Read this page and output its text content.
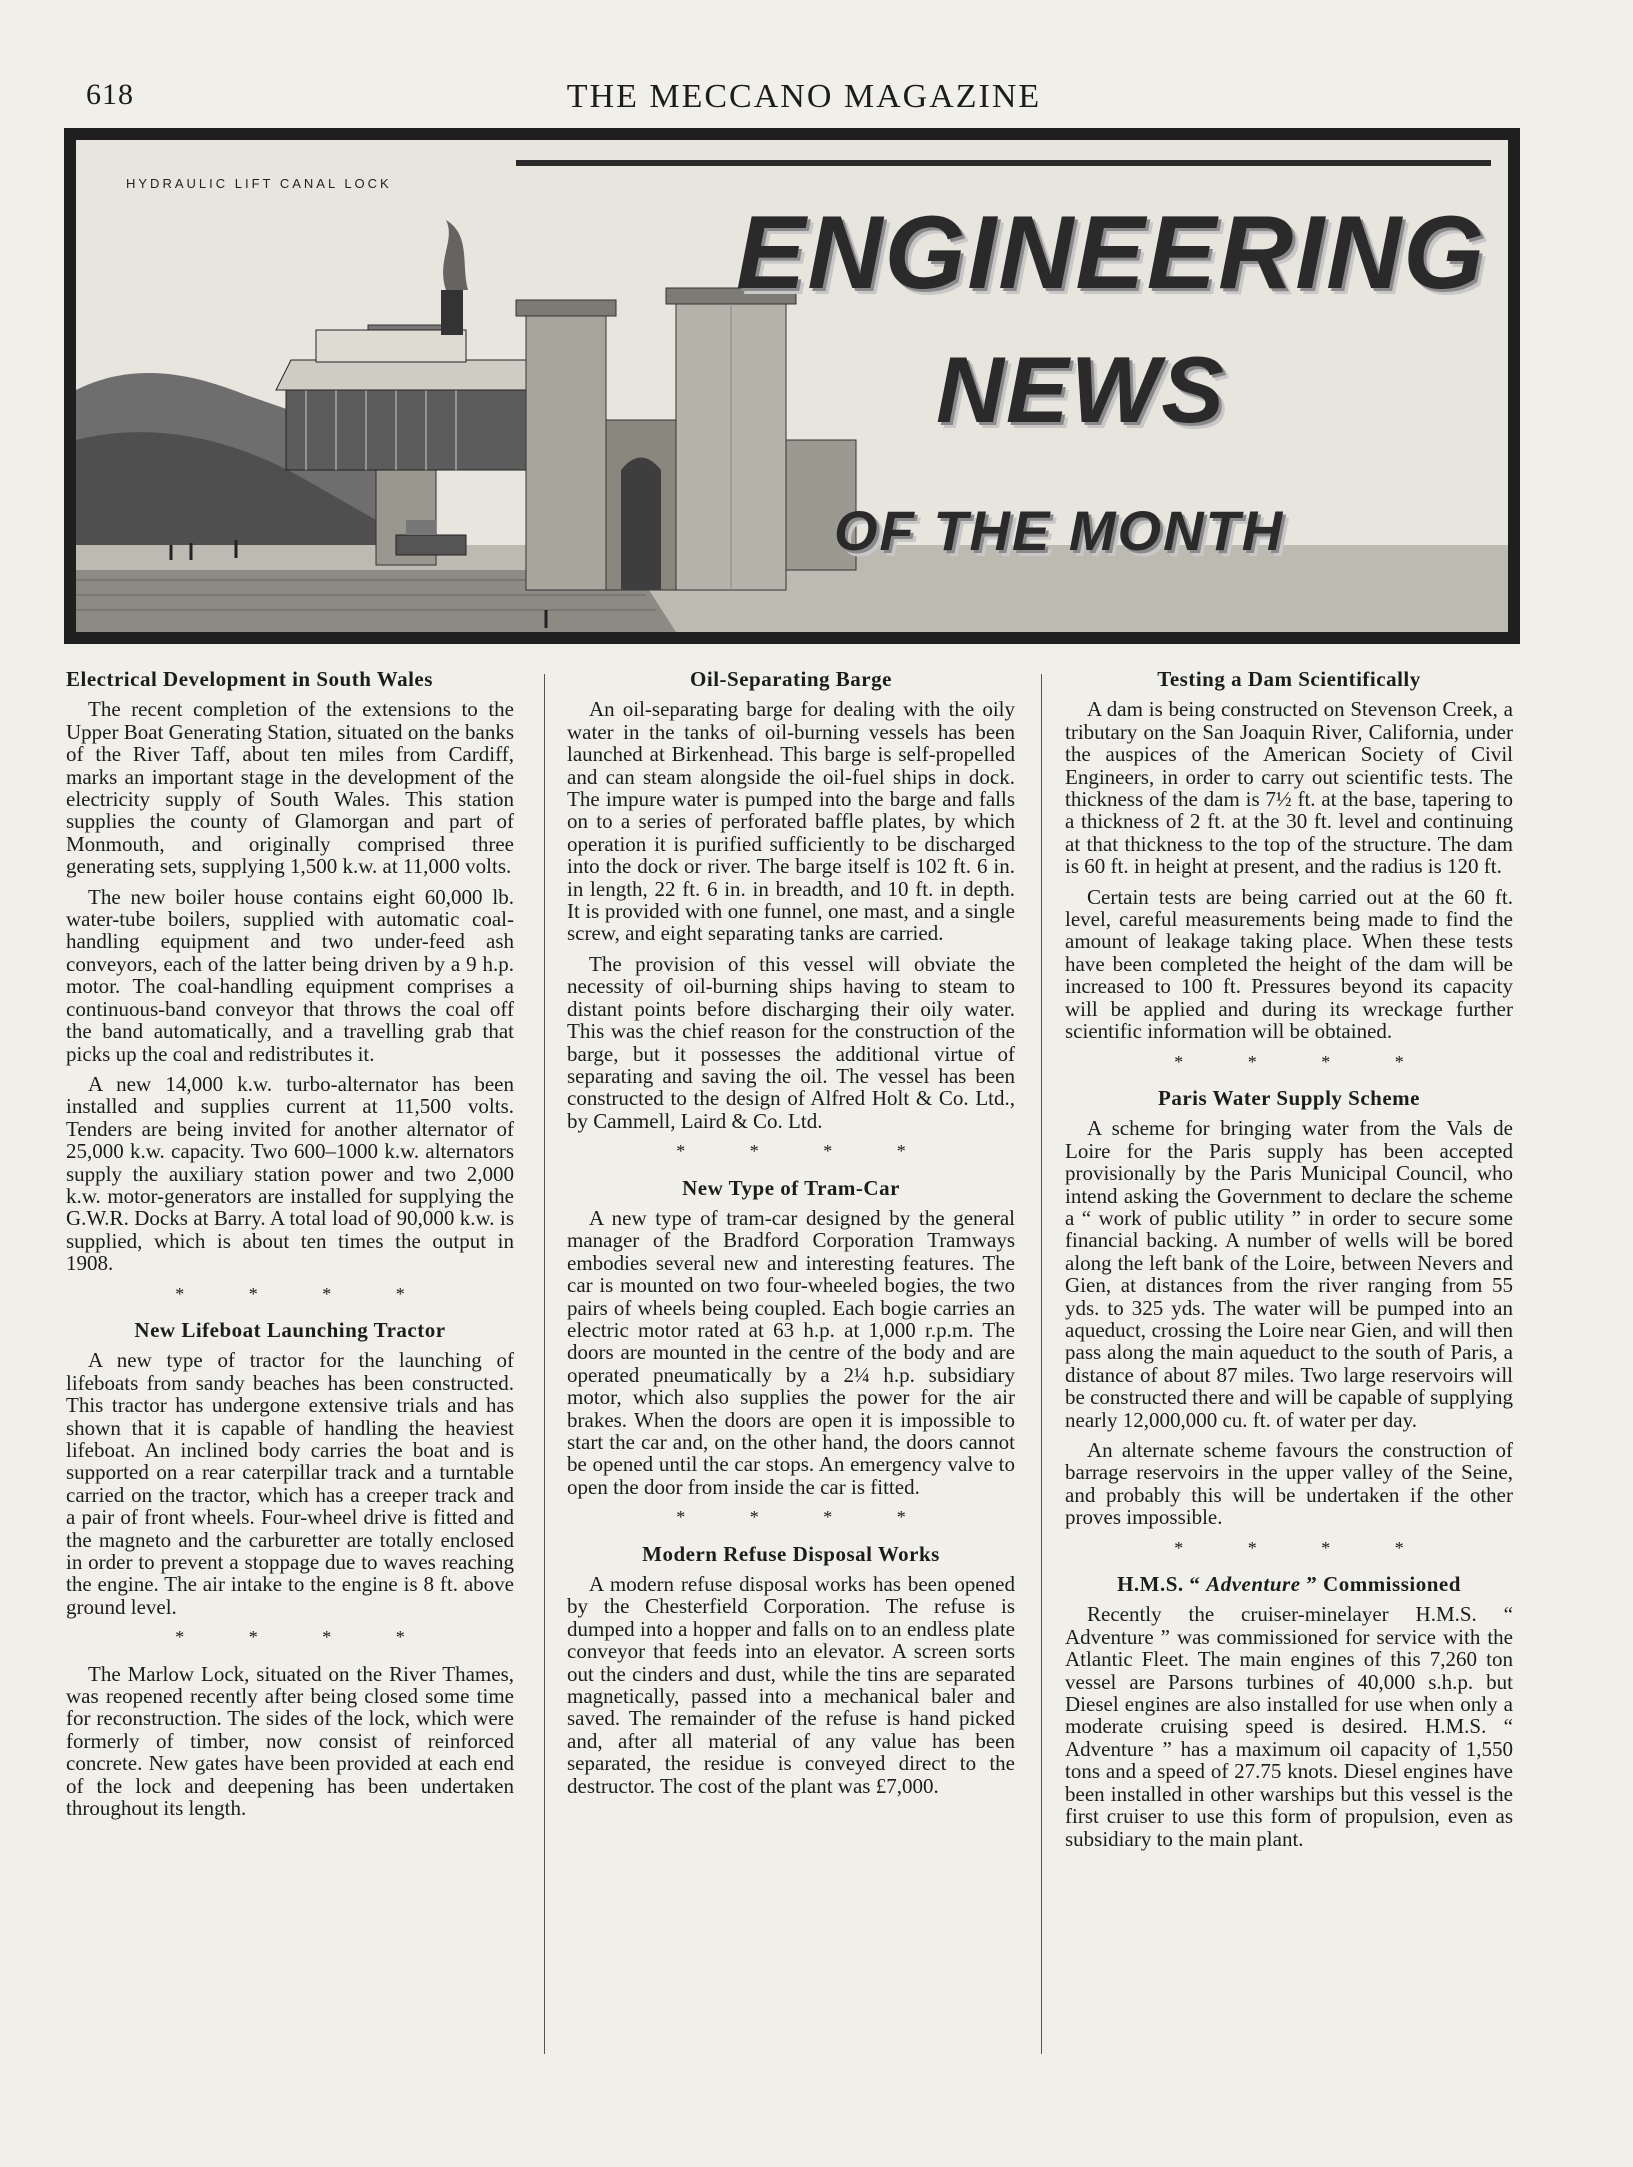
618	THE MECCANO MAGAZINE
HYDRAULIC LIFT CANAL LOCK
ENGINEERING
NEWS
OF THE MONTH
Electrical Development in South Wales

The recent completion of the extensions to the Upper Boat Generating Station, situated on the banks of the River Taff, about ten miles from Cardiff, marks an important stage in the development of the electricity supply of South Wales. This station supplies the county of Glamorgan and part of Monmouth, and originally comprised three generating sets, supplying 1,500 k.w. at 11,000 volts.

The new boiler house contains eight 60,000 lb. water-tube boilers, supplied with automatic coal-handling equipment and two under-feed ash conveyors, each of the latter being driven by a 9 h.p. motor. The coal-handling equipment comprises a continuous-band conveyor that throws the coal off the band automatically, and a travelling grab that picks up the coal and redistributes it.

A new 14,000 k.w. turbo-alternator has been installed and supplies current at 11,500 volts. Tenders are being invited for another alternator of 25,000 k.w. capacity. Two 600–1000 k.w. alternators supply the auxiliary station power and two 2,000 k.w. motor-generators are installed for supplying the G.W.R. Docks at Barry. A total load of 90,000 k.w. is supplied, which is about ten times the output in 1908.

* * * *
New Lifeboat Launching Tractor

A new type of tractor for the launching of lifeboats from sandy beaches has been constructed. This tractor has undergone extensive trials and has shown that it is capable of handling the heaviest lifeboat. An inclined body carries the boat and is supported on a rear caterpillar track and a turntable carried on the tractor, which has a creeper track and a pair of front wheels. Four-wheel drive is fitted and the magneto and the carburetter are totally enclosed in order to prevent a stoppage due to waves reaching the engine. The air intake to the engine is 8 ft. above ground level.

* * * *

The Marlow Lock, situated on the River Thames, was reopened recently after being closed some time for reconstruction. The sides of the lock, which were formerly of timber, now consist of reinforced concrete. New gates have been provided at each end of the lock and deepening has been undertaken throughout its length.

Oil-Separating Barge

An oil-separating barge for dealing with the oily water in the tanks of oil-burning vessels has been launched at Birkenhead. This barge is self-propelled and can steam alongside the oil-fuel ships in dock. The impure water is pumped into the barge and falls on to a series of perforated baffle plates, by which operation it is purified sufficiently to be discharged into the dock or river. The barge itself is 102 ft. 6 in. in length, 22 ft. 6 in. in breadth, and 10 ft. in depth. It is provided with one funnel, one mast, and a single screw, and eight separating tanks are carried.

The provision of this vessel will obviate the necessity of oil-burning ships having to steam to distant points before discharging their oily water. This was the chief reason for the construction of the barge, but it possesses the additional virtue of separating and saving the oil. The vessel has been constructed to the design of Alfred Holt & Co. Ltd., by Cammell, Laird & Co. Ltd.

* * * *
New Type of Tram-Car

A new type of tram-car designed by the general manager of the Bradford Corporation Tramways embodies several new and interesting features. The car is mounted on two four-wheeled bogies, the two pairs of wheels being coupled. Each bogie carries an electric motor rated at 63 h.p. at 1,000 r.p.m. The doors are mounted in the centre of the body and are operated pneumatically by a 2¼ h.p. subsidiary motor, which also supplies the power for the air brakes. When the doors are open it is impossible to start the car and, on the other hand, the doors cannot be opened until the car stops. An emergency valve to open the door from inside the car is fitted.

* * * *
Modern Refuse Disposal Works

A modern refuse disposal works has been opened by the Chesterfield Corporation. The refuse is dumped into a hopper and falls on to an endless plate conveyor that feeds into an elevator. A screen sorts out the cinders and dust, while the tins are separated magnetically, passed into a mechanical baler and saved. The remainder of the refuse is hand picked and, after all material of any value has been separated, the residue is conveyed direct to the destructor. The cost of the plant was £7,000.

Testing a Dam Scientifically

A dam is being constructed on Stevenson Creek, a tributary on the San Joaquin River, California, under the auspices of the American Society of Civil Engineers, in order to carry out scientific tests. The thickness of the dam is 7½ ft. at the base, tapering to a thickness of 2 ft. at the 30 ft. level and continuing at that thickness to the top of the structure. The dam is 60 ft. in height at present, and the radius is 120 ft.

Certain tests are being carried out at the 60 ft. level, careful measurements being made to find the amount of leakage taking place. When these tests have been completed the height of the dam will be increased to 100 ft. Pressures beyond its capacity will be applied and during its wreckage further scientific information will be obtained.

* * * *
Paris Water Supply Scheme

A scheme for bringing water from the Vals de Loire for the Paris supply has been accepted provisionally by the Paris Municipal Council, who intend asking the Government to declare the scheme a “ work of public utility ” in order to secure some financial backing. A number of wells will be bored along the left bank of the Loire, between Nevers and Gien, at distances from the river ranging from 55 yds. to 325 yds. The water will be pumped into an aqueduct, crossing the Loire near Gien, and will then pass along the main aqueduct to the south of Paris, a distance of about 87 miles. Two large reservoirs will be constructed there and will be capable of supplying nearly 12,000,000 cu. ft. of water per day.

An alternate scheme favours the construction of barrage reservoirs in the upper valley of the Seine, and probably this will be undertaken if the other proves impossible.

* * * *
H.M.S. “ Adventure ” Commissioned

Recently the cruiser-minelayer H.M.S. “ Adventure ” was commissioned for service with the Atlantic Fleet. The main engines of this 7,260 ton vessel are Parsons turbines of 40,000 s.h.p. but Diesel engines are also installed for use when only a moderate cruising speed is desired. H.M.S. “ Adventure ” has a maximum oil capacity of 1,550 tons and a speed of 27.75 knots. Diesel engines have been installed in other warships but this vessel is the first cruiser to use this form of propulsion, even as subsidiary to the main plant.
